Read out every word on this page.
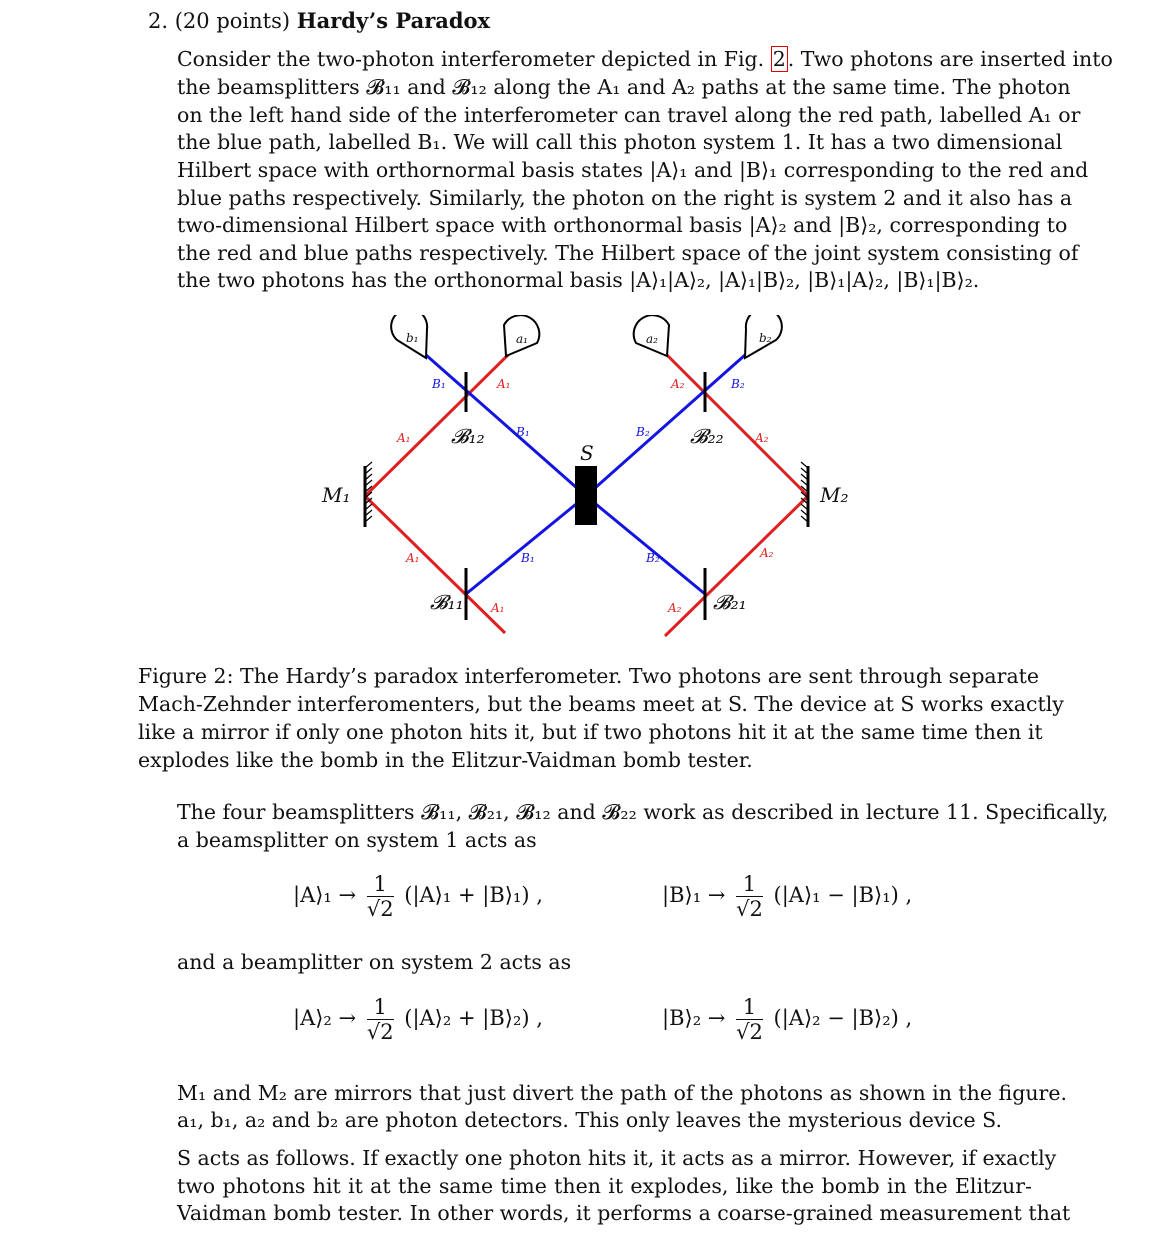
2. (20 points) Hardy’s Paradox
Consider the two-photon interferometer depicted in Fig. 2. Two photons are inserted into
the beamsplitters 𝓑₁₁ and 𝓑₁₂ along the A₁ and A₂ paths at the same time. The photon
on the left hand side of the interferometer can travel along the red path, labelled A₁ or
the blue path, labelled B₁. We will call this photon system 1. It has a two dimensional
Hilbert space with orthornormal basis states |A⟩₁ and |B⟩₁ corresponding to the red and
blue paths respectively. Similarly, the photon on the right is system 2 and it also has a
two-dimensional Hilbert space with orthonormal basis |A⟩₂ and |B⟩₂, corresponding to
the red and blue paths respectively. The Hilbert space of the joint system consisting of
the two photons has the orthonormal basis |A⟩₁|A⟩₂, |A⟩₁|B⟩₂, |B⟩₁|A⟩₂, |B⟩₁|B⟩₂.
b₁	a₁	a₂	b₂
𝓑₁₂	𝓑₂₂
𝓑₁₁	𝓑₂₁
M₁	M₂
S
B₁	A₁	A₂	B₂
A₁	B₁	B₂	A₂
A₁	B₁	B₂	A₂
A₁	A₂
Figure 2: The Hardy’s paradox interferometer. Two photons are sent through separate
Mach-Zehnder interferomenters, but the beams meet at S. The device at S works exactly
like a mirror if only one photon hits it, but if two photons hit it at the same time then it
explodes like the bomb in the Elitzur-Vaidman bomb tester.
The four beamsplitters 𝓑₁₁, 𝓑₂₁, 𝓑₁₂ and 𝓑₂₂ work as described in lecture 11. Specifically,
a beamsplitter on system 1 acts as
|A⟩₁ → $\frac{1}{√2}$ (|A⟩₁ + |B⟩₁) ,	|B⟩₁ → $\frac{1}{√2}$ (|A⟩₁ − |B⟩₁) ,
and a beamplitter on system 2 acts as
|A⟩₂ → $\frac{1}{√2}$ (|A⟩₂ + |B⟩₂) ,	|B⟩₂ → $\frac{1}{√2}$ (|A⟩₂ − |B⟩₂) ,
M₁ and M₂ are mirrors that just divert the path of the photons as shown in the figure.
a₁, b₁, a₂ and b₂ are photon detectors. This only leaves the mysterious device S.
S acts as follows. If exactly one photon hits it, it acts as a mirror. However, if exactly
two photons hit it at the same time then it explodes, like the bomb in the Elitzur-
Vaidman bomb tester. In other words, it performs a coarse-grained measurement that
